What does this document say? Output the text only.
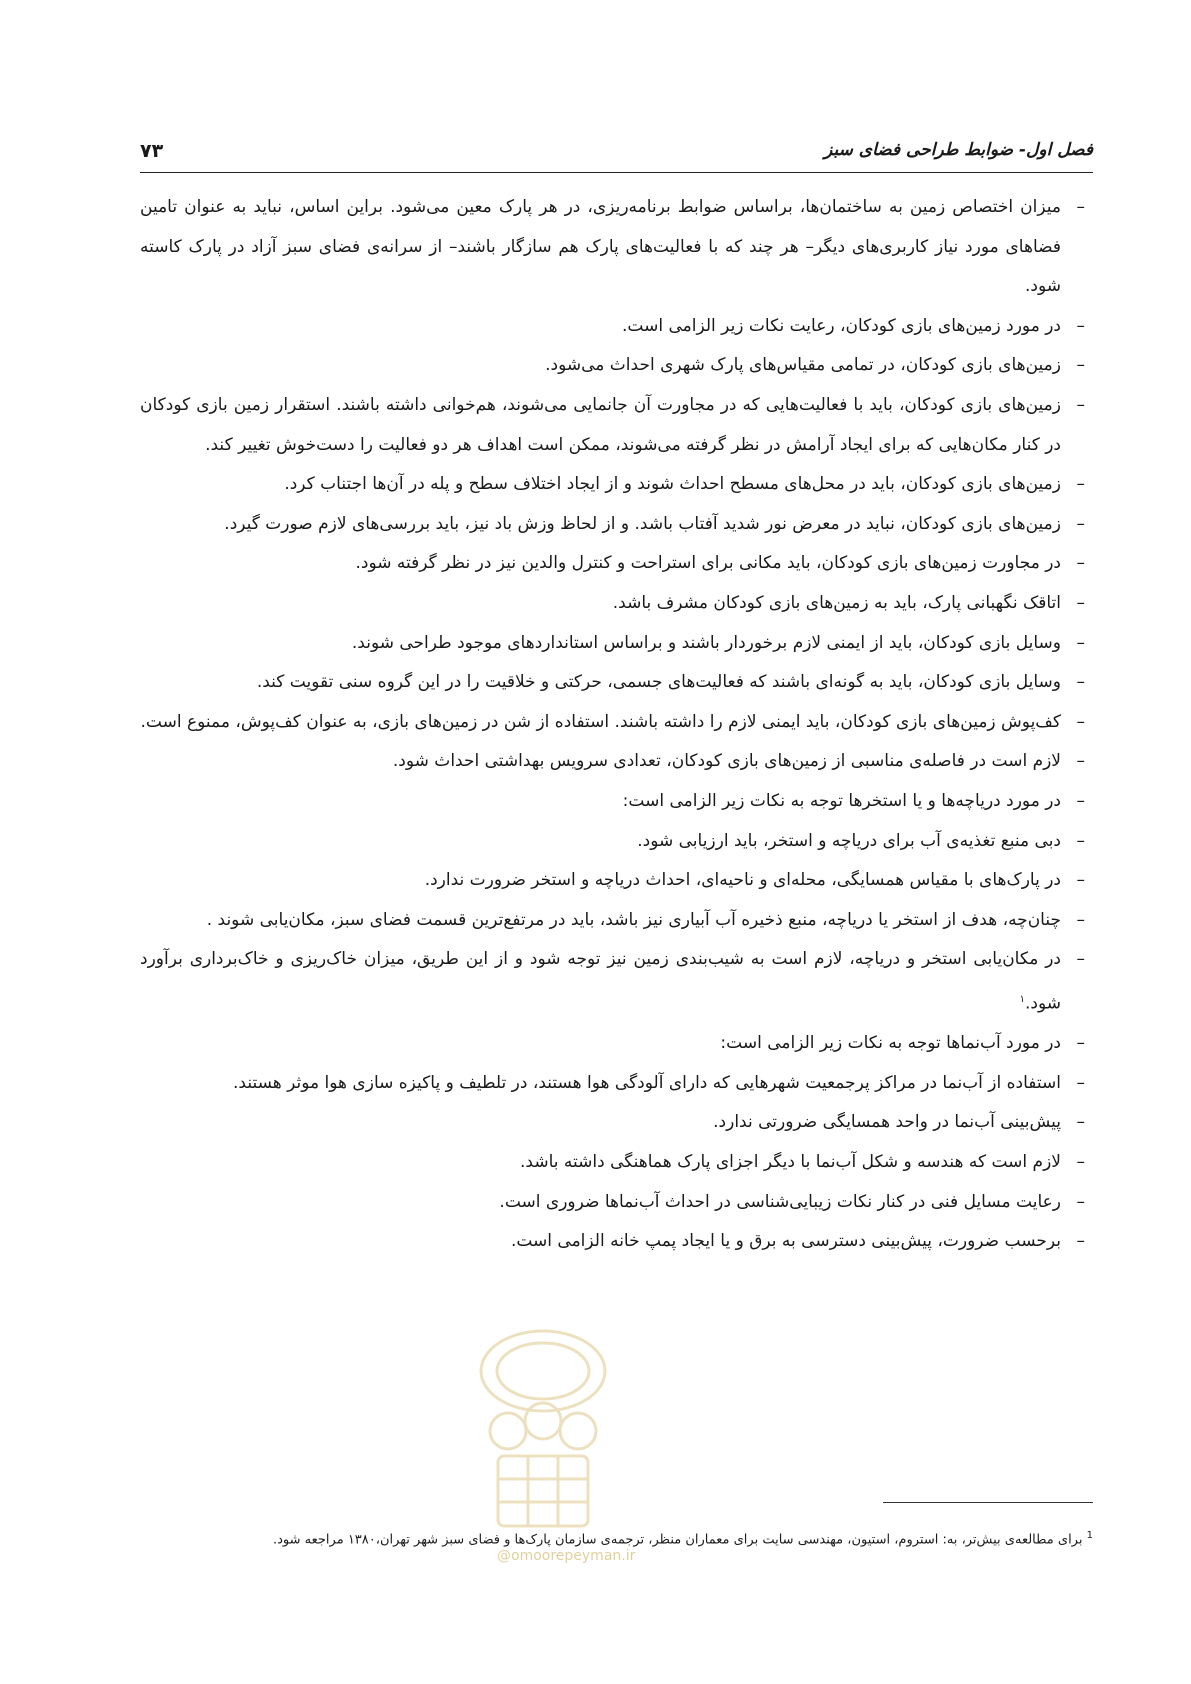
فصل اول- ضوابط طراحی فضای سبز
۷۳
–
میزان اختصاص زمین به ساختمان‌ها، براساس ضوابط برنامه‌ریزی، در هر پارک معین می‌شود. براین اساس، نباید به عنوان تامین فضاهای مورد نیاز کاربری‌های دیگر– هر چند که با فعالیت‌های پارک هم سازگار باشند– از سرانه‌ی فضای سبز آزاد در پارک کاسته شود.
–
در مورد زمین‌های بازی کودکان، رعایت نکات زیر الزامی است.
–
زمین‌های بازی کودکان، در تمامی مقیاس‌های پارک شهری احداث می‌شود.
–
زمین‌های بازی کودکان، باید با فعالیت‌هایی که در مجاورت آن جانمایی می‌شوند، هم‌خوانی داشته باشند. استقرار زمین بازی کودکان در کنار مکان‌هایی که برای ایجاد آرامش در نظر گرفته می‌شوند، ممکن است اهداف هر دو فعالیت را دست‌خوش تغییر کند.
–
زمین‌های بازی کودکان، باید در محل‌های مسطح احداث شوند و از ایجاد اختلاف سطح و پله در آن‌ها اجتناب کرد.
–
زمین‌های بازی کودکان، نباید در معرض نور شدید آفتاب باشد. و از لحاظ وزش باد نیز، باید بررسی‌های لازم صورت گیرد.
–
در مجاورت زمین‌های بازی کودکان، باید مکانی برای استراحت و کنترل والدین نیز در نظر گرفته شود.
–
اتاقک نگهبانی پارک، باید به زمین‌های بازی کودکان مشرف باشد.
–
وسایل بازی کودکان، باید از ایمنی لازم برخوردار باشند و براساس استانداردهای موجود طراحی شوند.
–
وسایل بازی کودکان، باید به گونه‌ای باشند که فعالیت‌های جسمی، حرکتی و خلاقیت را در این گروه سنی تقویت کند.
–
کف‌پوش زمین‌های بازی کودکان، باید ایمنی لازم را داشته باشند. استفاده از شن در زمین‌های بازی، به عنوان کف‌پوش، ممنوع است.
–
لازم است در فاصله‌ی مناسبی از زمین‌های بازی کودکان، تعدادی سرویس بهداشتی احداث شود.
–
در مورد دریاچه‌ها و یا استخرها توجه به نکات زیر الزامی است:
–
دبی منبع تغذیه‌ی آب برای دریاچه و استخر، باید ارزیابی شود.
–
در پارک‌های با مقیاس همسایگی، محله‌ای و ناحیه‌ای، احداث دریاچه و استخر ضرورت ندارد.
–
چنان‌چه، هدف از استخر یا دریاچه، منبع ذخیره آب آبیاری نیز باشد، باید در مرتفع‌ترین قسمت فضای سبز، مکان‌یابی شوند .
–
در مکان‌یابی استخر و دریاچه، لازم است به شیب‌بندی زمین نیز توجه شود و از این طریق، میزان خاک‌ریزی و خاک‌برداری برآورد شود.$^۱$
–
در مورد آب‌نماها توجه به نکات زیر الزامی است:
–
استفاده از آب‌نما در مراکز پرجمعیت شهرهایی که دارای آلودگی هوا هستند، در تلطیف و پاکیزه سازی هوا موثر هستند.
–
پیش‌بینی آب‌نما در واحد همسایگی ضرورتی ندارد.
–
لازم است که هندسه و شکل آب‌نما با دیگر اجزای پارک هماهنگی داشته باشد.
–
رعایت مسایل فنی در کنار نکات زیبایی‌شناسی در احداث آب‌نماها ضروری است.
–
برحسب ضرورت، پیش‌بینی دسترسی به برق و یا ایجاد پمپ خانه الزامی است.
@omoorepeyman.ir
$^1$ برای مطالعه‌ی بیش‌تر، به: استروم، استیون، مهندسی سایت برای معماران منظر، ترجمه‌ی سازمان پارک‌ها و فضای سبز شهر تهران،۱۳۸۰ مراجعه شود.
